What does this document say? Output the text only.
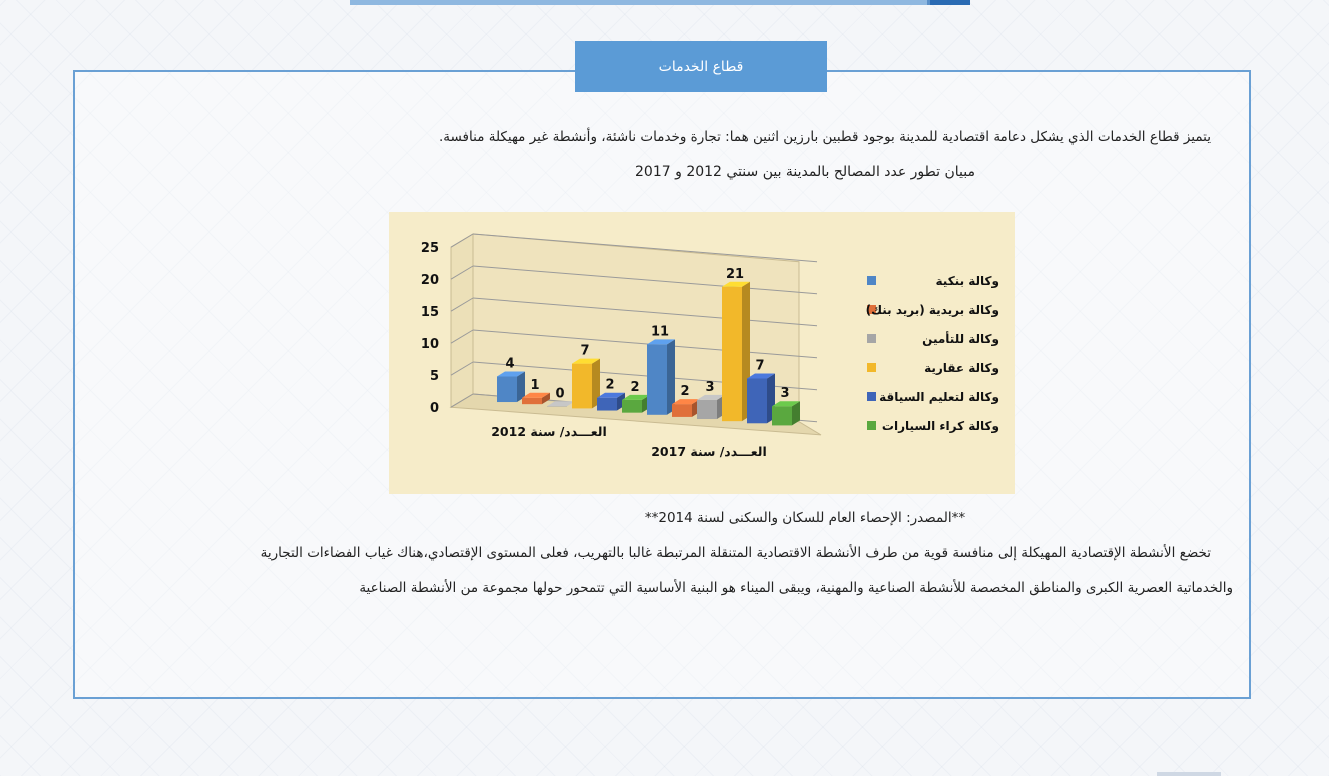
قطاع الخدمات
يتميز قطاع الخدمات الذي يشكل دعامة اقتصادية للمدينة بوجود قطبين بارزين اثنين هما: تجارة وخدمات ناشئة، وأنشطة غير مهيكلة منافسة.
مبيان تطور عدد المصالح بالمدينة بين سنتي 2012 و 2017
0
5
10
15
20
25
4
1
0
7
2 2
11
2 3
21
7
3
العـــدد/ سنة 2012
العـــدد/ سنة 2017
وكالة بنكية
وكالة بريدية (بريد بنك)
وكالة للتأمين
وكالة عقارية
وكالة لتعليم السياقة
وكالة كراء السيارات
**المصدر: الإحصاء العام للسكان والسكنى لسنة 2014**
تخضع الأنشطة الإقتصادية المهيكلة إلى منافسة قوية من طرف الأنشطة الاقتصادية المتنقلة المرتبطة غالبا بالتهريب، فعلى المستوى الإقتصادي،هناك غياب الفضاءات التجارية
والخدماتية العصرية الكبرى والمناطق المخصصة للأنشطة الصناعية والمهنية، ويبقى الميناء هو البنية الأساسية التي تتمحور حولها مجموعة من الأنشطة الصناعية
